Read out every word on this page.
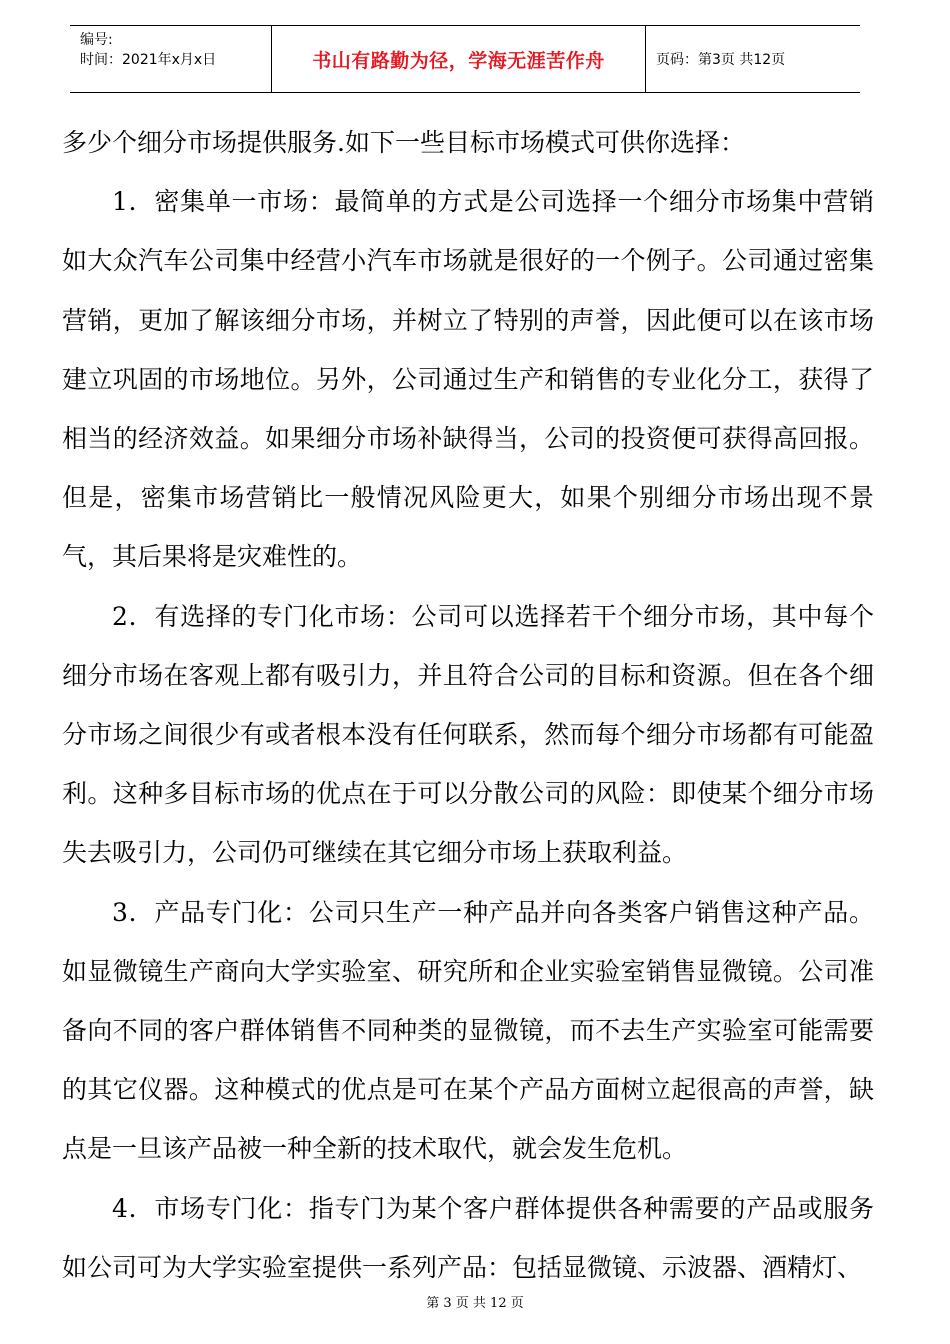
编号:
时间：2021年x月x日	书山有路勤为径，学海无涯苦作舟	页码：第3页 共12页

多少个细分市场提供服务.如下一些目标市场模式可供你选择：

1．密集单一市场：最简单的方式是公司选择一个细分市场集中营销如大众汽车公司集中经营小汽车市场就是很好的一个例子。公司通过密集营销，更加了解该细分市场，并树立了特别的声誉，因此便可以在该市场建立巩固的市场地位。另外，公司通过生产和销售的专业化分工，获得了相当的经济效益。如果细分市场补缺得当，公司的投资便可获得高回报。但是，密集市场营销比一般情况风险更大，如果个别细分市场出现不景气，其后果将是灾难性的。

2．有选择的专门化市场：公司可以选择若干个细分市场，其中每个细分市场在客观上都有吸引力，并且符合公司的目标和资源。但在各个细分市场之间很少有或者根本没有任何联系，然而每个细分市场都有可能盈利。这种多目标市场的优点在于可以分散公司的风险：即使某个细分市场失去吸引力，公司仍可继续在其它细分市场上获取利益。

3．产品专门化：公司只生产一种产品并向各类客户销售这种产品。如显微镜生产商向大学实验室、研究所和企业实验室销售显微镜。公司准备向不同的客户群体销售不同种类的显微镜，而不去生产实验室可能需要的其它仪器。这种模式的优点是可在某个产品方面树立起很高的声誉，缺点是一旦该产品被一种全新的技术取代，就会发生危机。

4．市场专门化：指专门为某个客户群体提供各种需要的产品或服务如公司可为大学实验室提供一系列产品：包括显微镜、示波器、酒精灯、

第 3 页 共 12 页
